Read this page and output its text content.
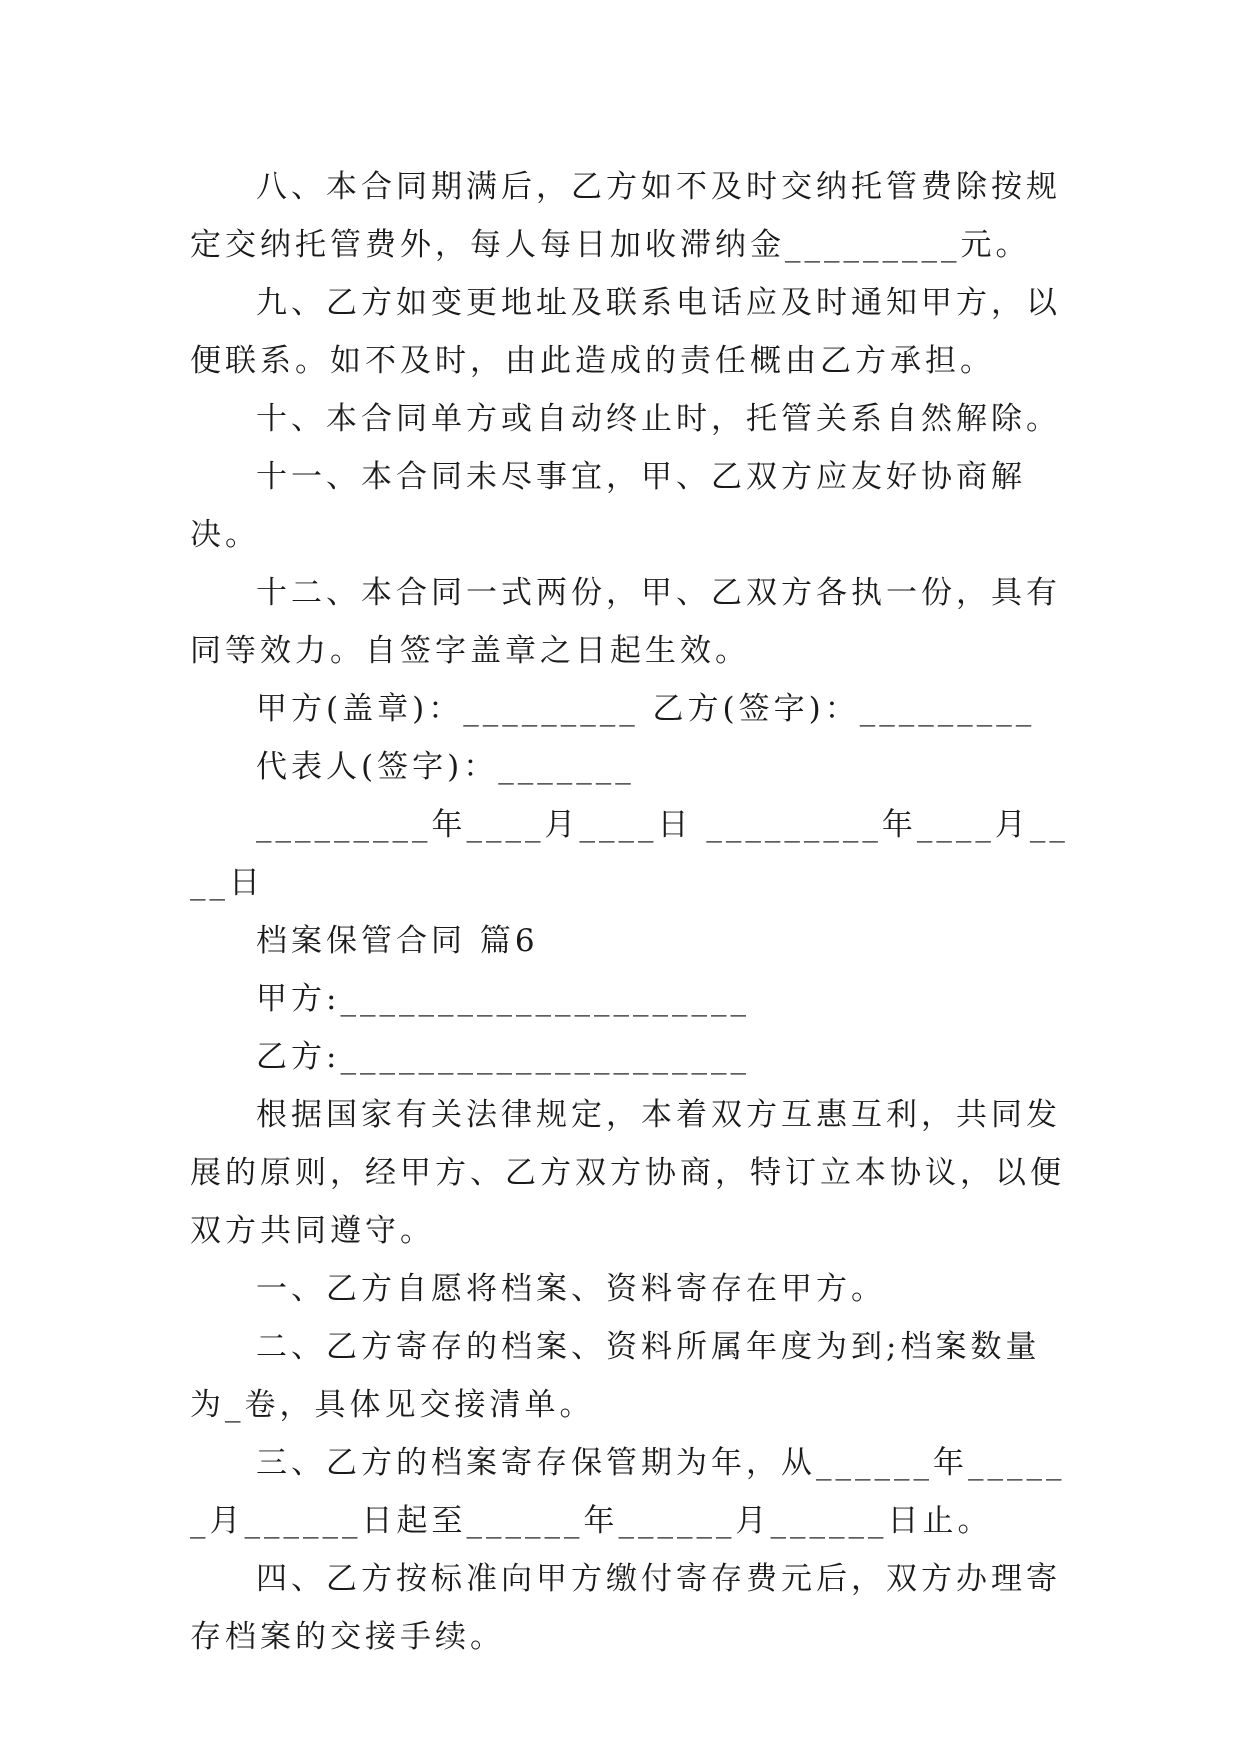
八、本合同期满后，乙方如不及时交纳托管费除按规定交纳托管费外，每人每日加收滞纳金_________元。

九、乙方如变更地址及联系电话应及时通知甲方，以便联系。如不及时，由此造成的责任概由乙方承担。

十、本合同单方或自动终止时，托管关系自然解除。

十一、本合同未尽事宜，甲、乙双方应友好协商解决。

十二、本合同一式两份，甲、乙双方各执一份，具有同等效力。自签字盖章之日起生效。

甲方(盖章)：_________ 乙方(签字)：_________

代表人(签字)：_______

_________年____月____日 _________年____月____日

档案保管合同 篇6

甲方:_____________________

乙方:_____________________

根据国家有关法律规定，本着双方互惠互利，共同发展的原则，经甲方、乙方双方协商，特订立本协议，以便双方共同遵守。

一、乙方自愿将档案、资料寄存在甲方。

二、乙方寄存的档案、资料所属年度为到;档案数量为_卷，具体见交接清单。

三、乙方的档案寄存保管期为年，从______年______月______日起至______年______月______日止。

四、乙方按标准向甲方缴付寄存费元后，双方办理寄存档案的交接手续。
